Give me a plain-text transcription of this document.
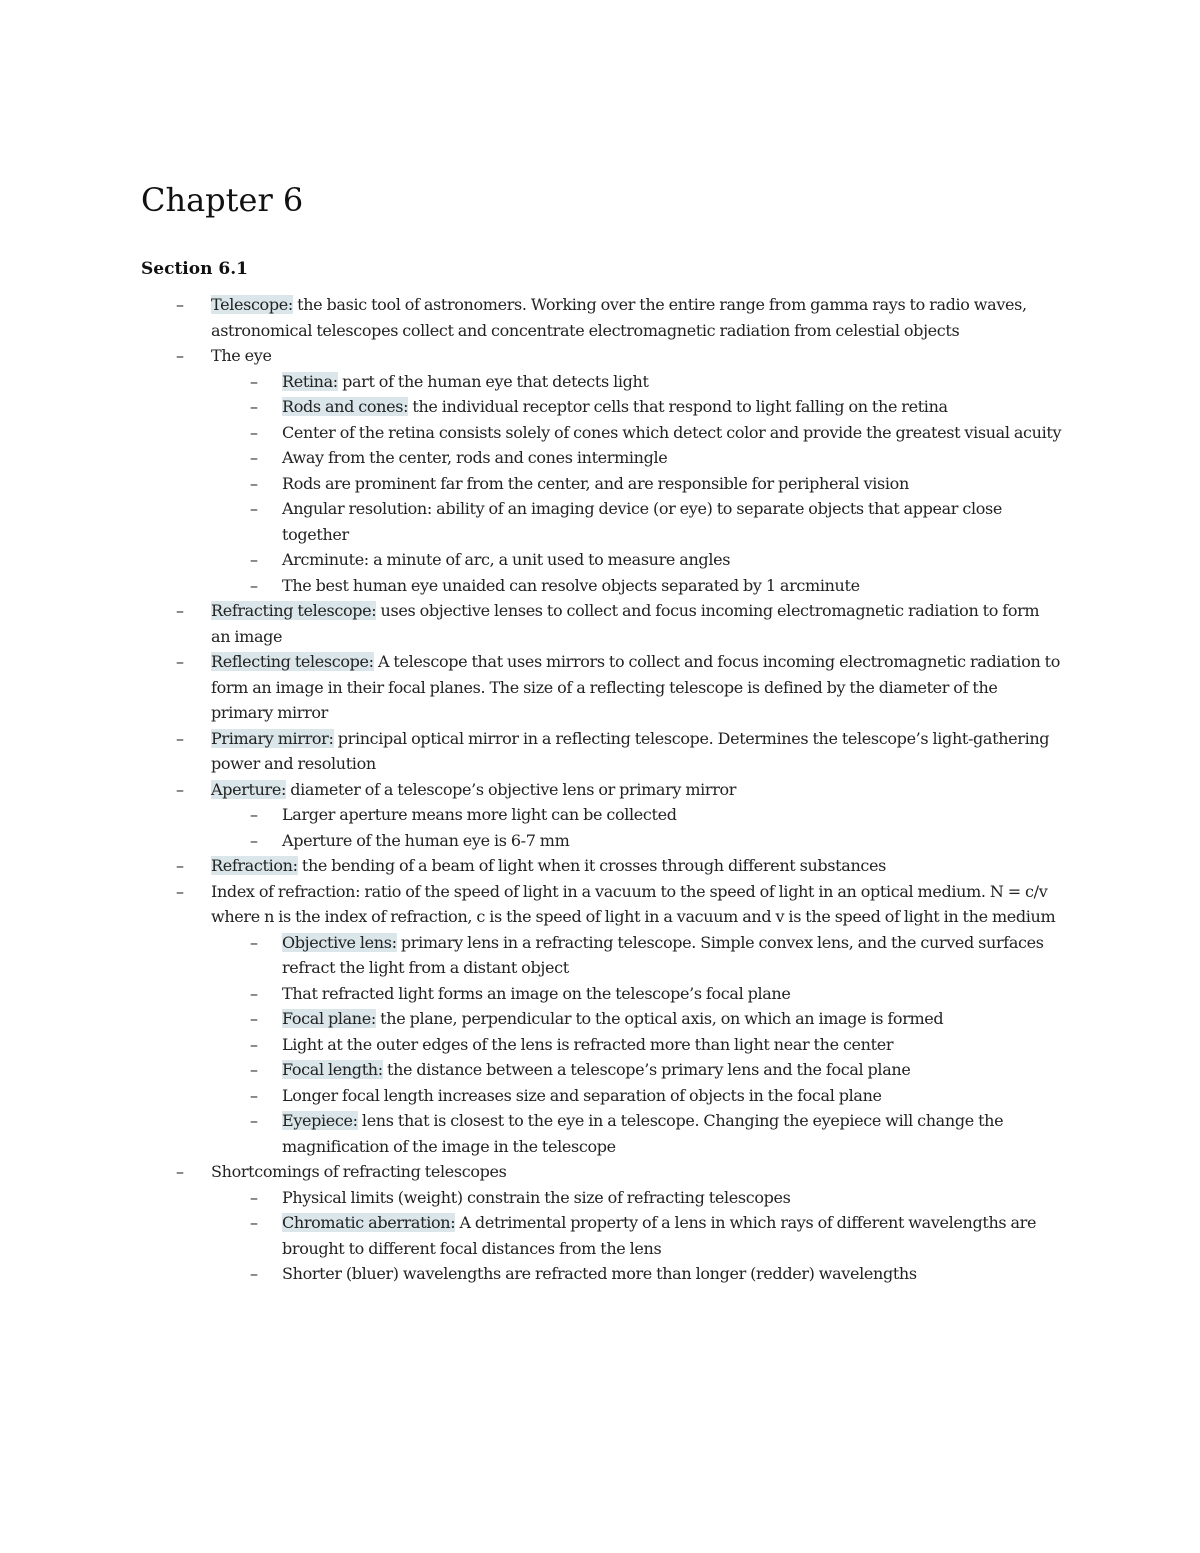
Chapter 6
Section 6.1
– Telescope: the basic tool of astronomers. Working over the entire range from gamma rays to radio waves, astronomical telescopes collect and concentrate electromagnetic radiation from celestial objects
– The eye
– Retina: part of the human eye that detects light
– Rods and cones: the individual receptor cells that respond to light falling on the retina
– Center of the retina consists solely of cones which detect color and provide the greatest visual acuity
– Away from the center, rods and cones intermingle
– Rods are prominent far from the center, and are responsible for peripheral vision
– Angular resolution: ability of an imaging device (or eye) to separate objects that appear close together
– Arcminute: a minute of arc, a unit used to measure angles
– The best human eye unaided can resolve objects separated by 1 arcminute
– Refracting telescope: uses objective lenses to collect and focus incoming electromagnetic radiation to form an image
– Reflecting telescope: A telescope that uses mirrors to collect and focus incoming electromagnetic radiation to form an image in their focal planes. The size of a reflecting telescope is defined by the diameter of the primary mirror
– Primary mirror: principal optical mirror in a reflecting telescope. Determines the telescope’s light-gathering power and resolution
– Aperture: diameter of a telescope’s objective lens or primary mirror
– Larger aperture means more light can be collected
– Aperture of the human eye is 6-7 mm
– Refraction: the bending of a beam of light when it crosses through different substances
– Index of refraction: ratio of the speed of light in a vacuum to the speed of light in an optical medium. N = c/v where n is the index of refraction, c is the speed of light in a vacuum and v is the speed of light in the medium
– Objective lens: primary lens in a refracting telescope. Simple convex lens, and the curved surfaces refract the light from a distant object
– That refracted light forms an image on the telescope’s focal plane
– Focal plane: the plane, perpendicular to the optical axis, on which an image is formed
– Light at the outer edges of the lens is refracted more than light near the center
– Focal length: the distance between a telescope’s primary lens and the focal plane
– Longer focal length increases size and separation of objects in the focal plane
– Eyepiece: lens that is closest to the eye in a telescope. Changing the eyepiece will change the magnification of the image in the telescope
– Shortcomings of refracting telescopes
– Physical limits (weight) constrain the size of refracting telescopes
– Chromatic aberration: A detrimental property of a lens in which rays of different wavelengths are brought to different focal distances from the lens
– Shorter (bluer) wavelengths are refracted more than longer (redder) wavelengths
